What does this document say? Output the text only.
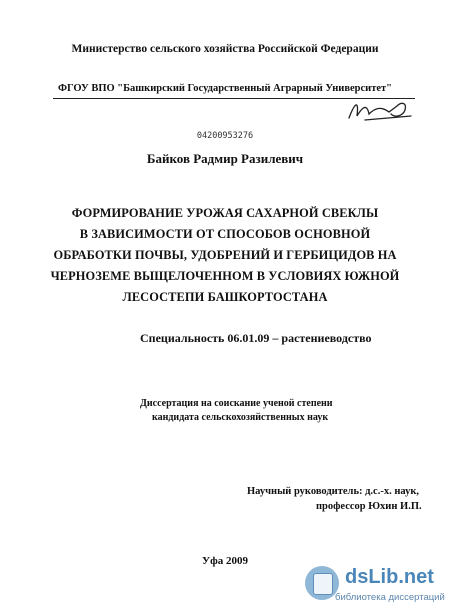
Министерство сельского хозяйства Российской Федерации
ФГОУ ВПО "Башкирский Государственный Аграрный Университет"
04200953276
Байков Радмир Разилевич
ФОРМИРОВАНИЕ УРОЖАЯ САХАРНОЙ СВЕКЛЫ
В ЗАВИСИМОСТИ ОТ СПОСОБОВ ОСНОВНОЙ
ОБРАБОТКИ ПОЧВЫ, УДОБРЕНИЙ И ГЕРБИЦИДОВ НА
ЧЕРНОЗЕМЕ ВЫЩЕЛОЧЕННОМ В УСЛОВИЯХ ЮЖНОЙ
ЛЕСОСТЕПИ БАШКОРТОСТАНА
Специальность 06.01.09 – растениеводство
Диссертация на соискание ученой степени
кандидата сельскохозяйственных наук
Научный руководитель: д.с.-х. наук,
профессор Юхин И.П.
Уфа 2009
dsLib.net
библиотека диссертаций
